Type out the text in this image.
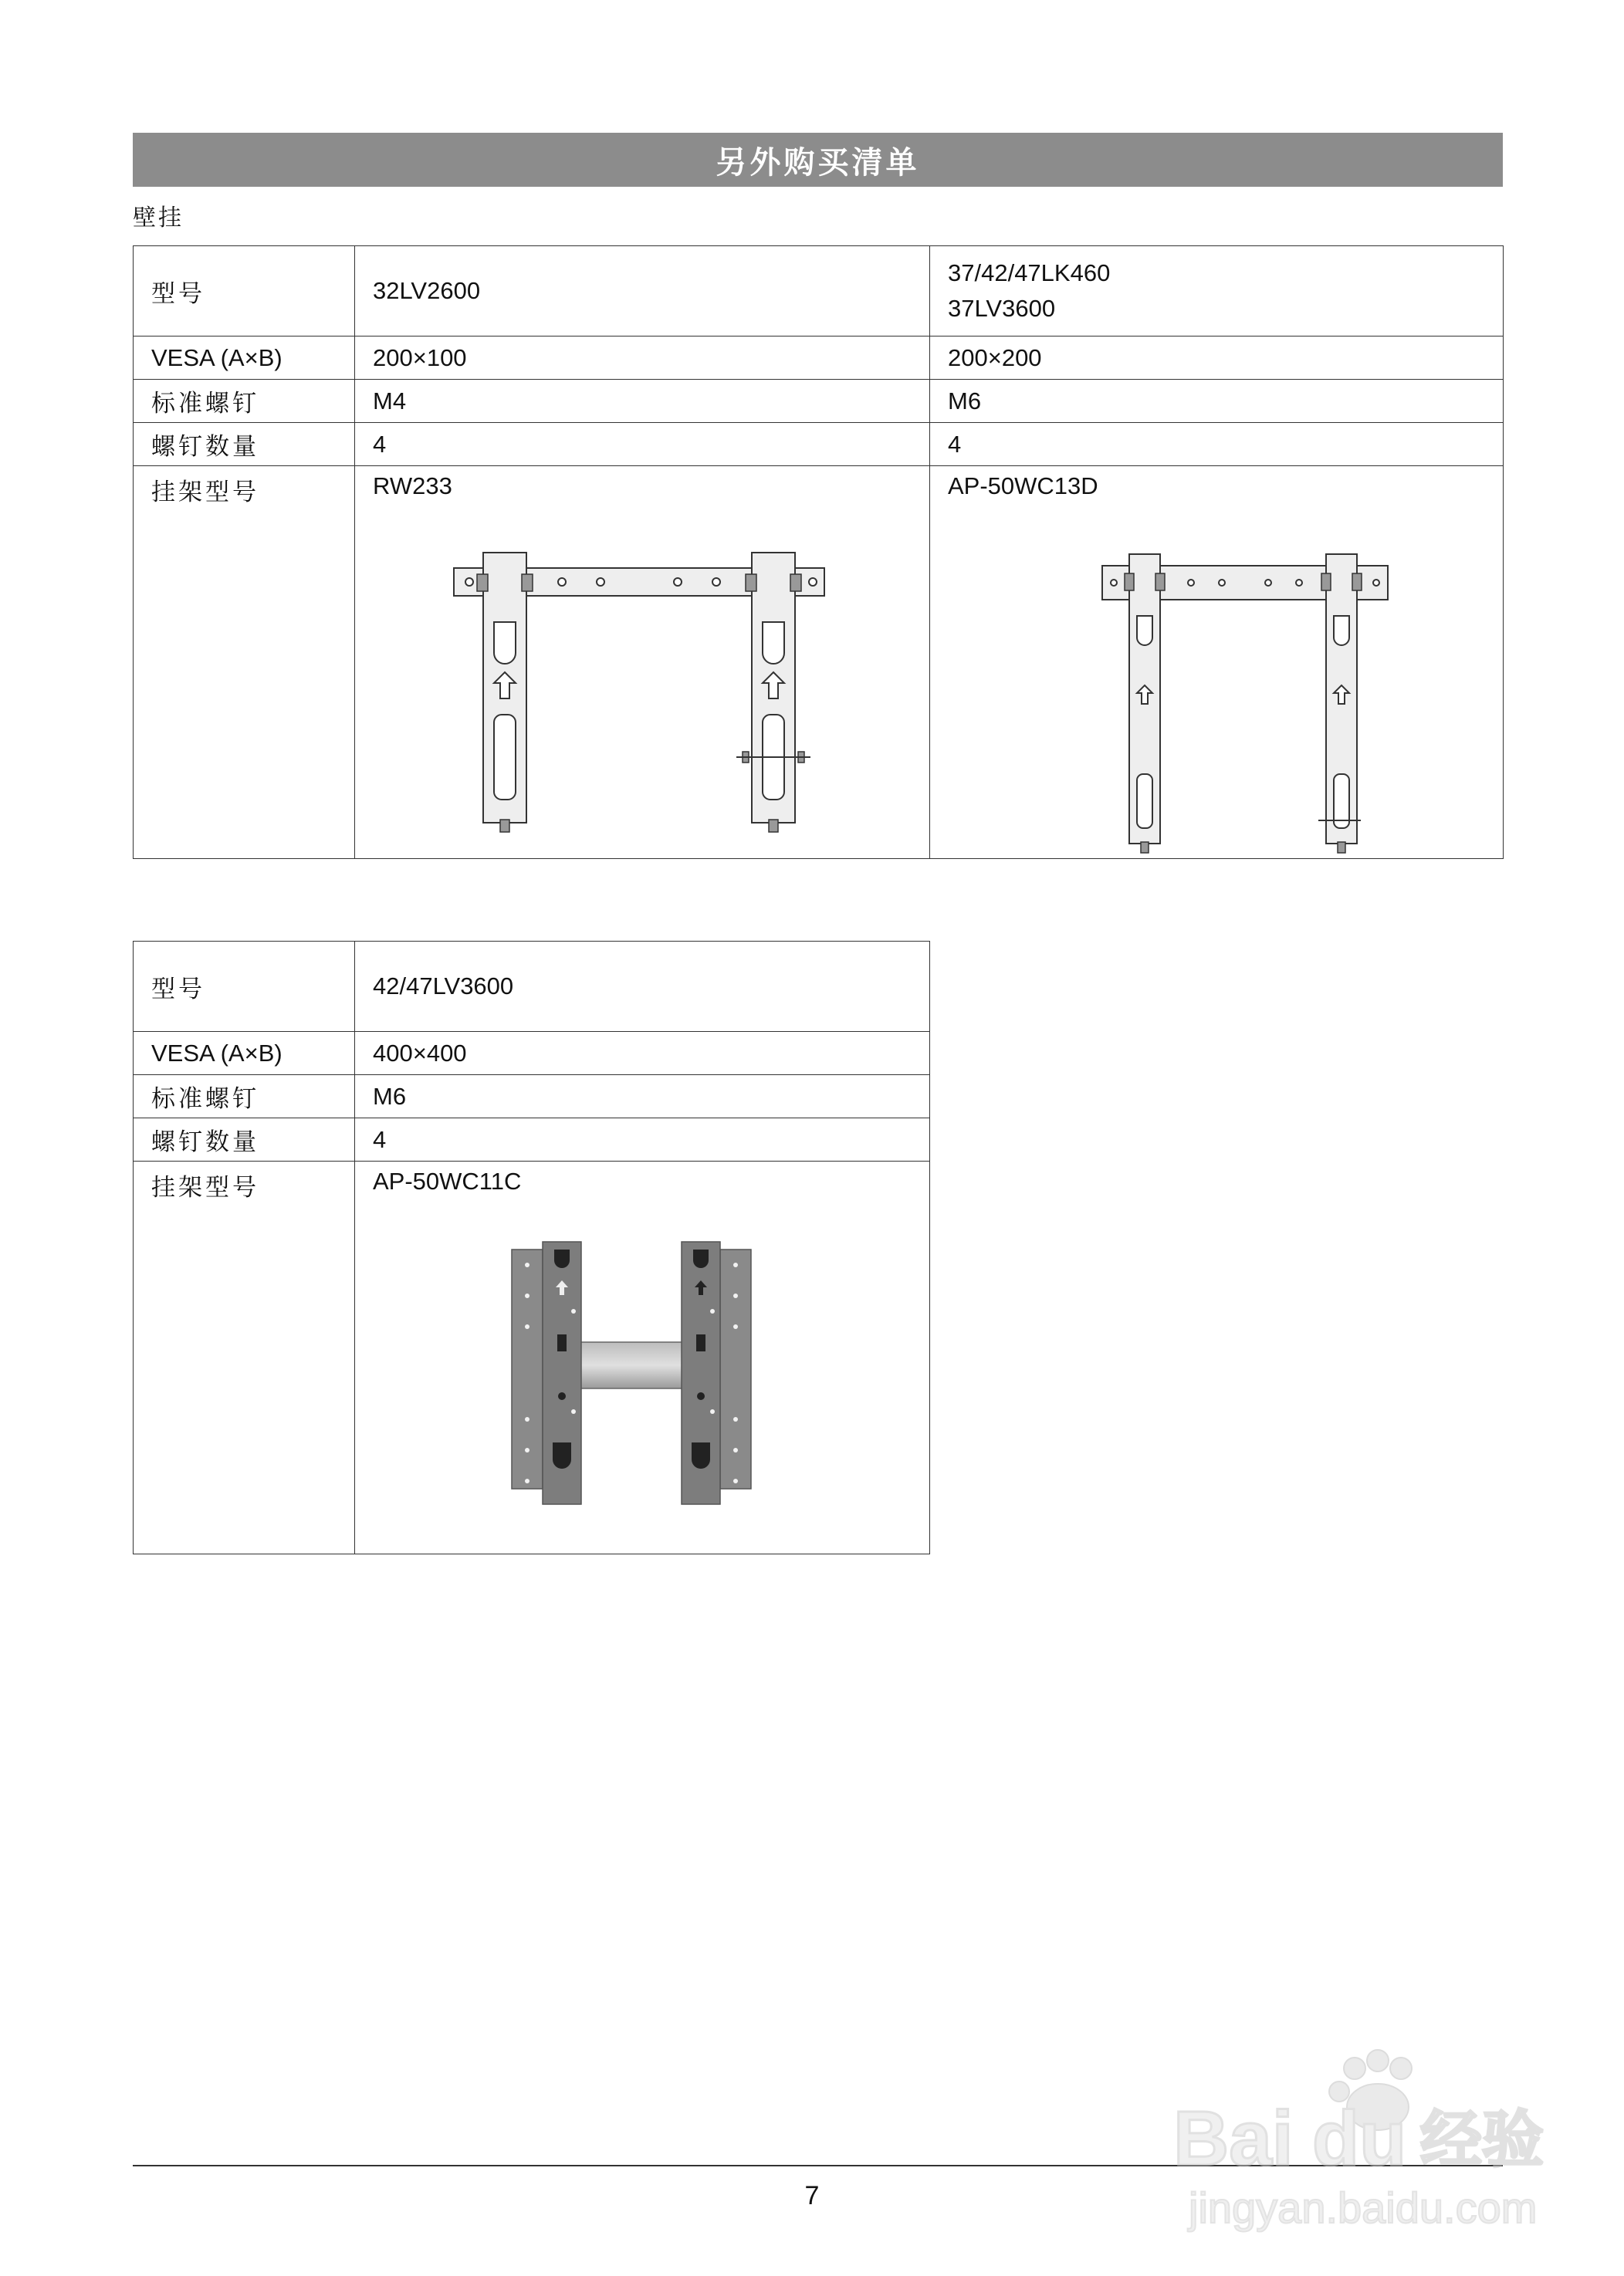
另外购买清单
壁挂
型号	32LV2600	37/42/47LK460
37LV3600

VESA (A×B)	200×100	200×200
标准螺钉	M4	M6
螺钉数量	4	4
挂架型号	RW233	AP-50WC13D
型号	42/47LV3600
VESA (A×B)	400×400
标准螺钉	M6
螺钉数量	4
挂架型号	AP-50WC11C
7
Bai du 经验
jingyan.baidu.com
